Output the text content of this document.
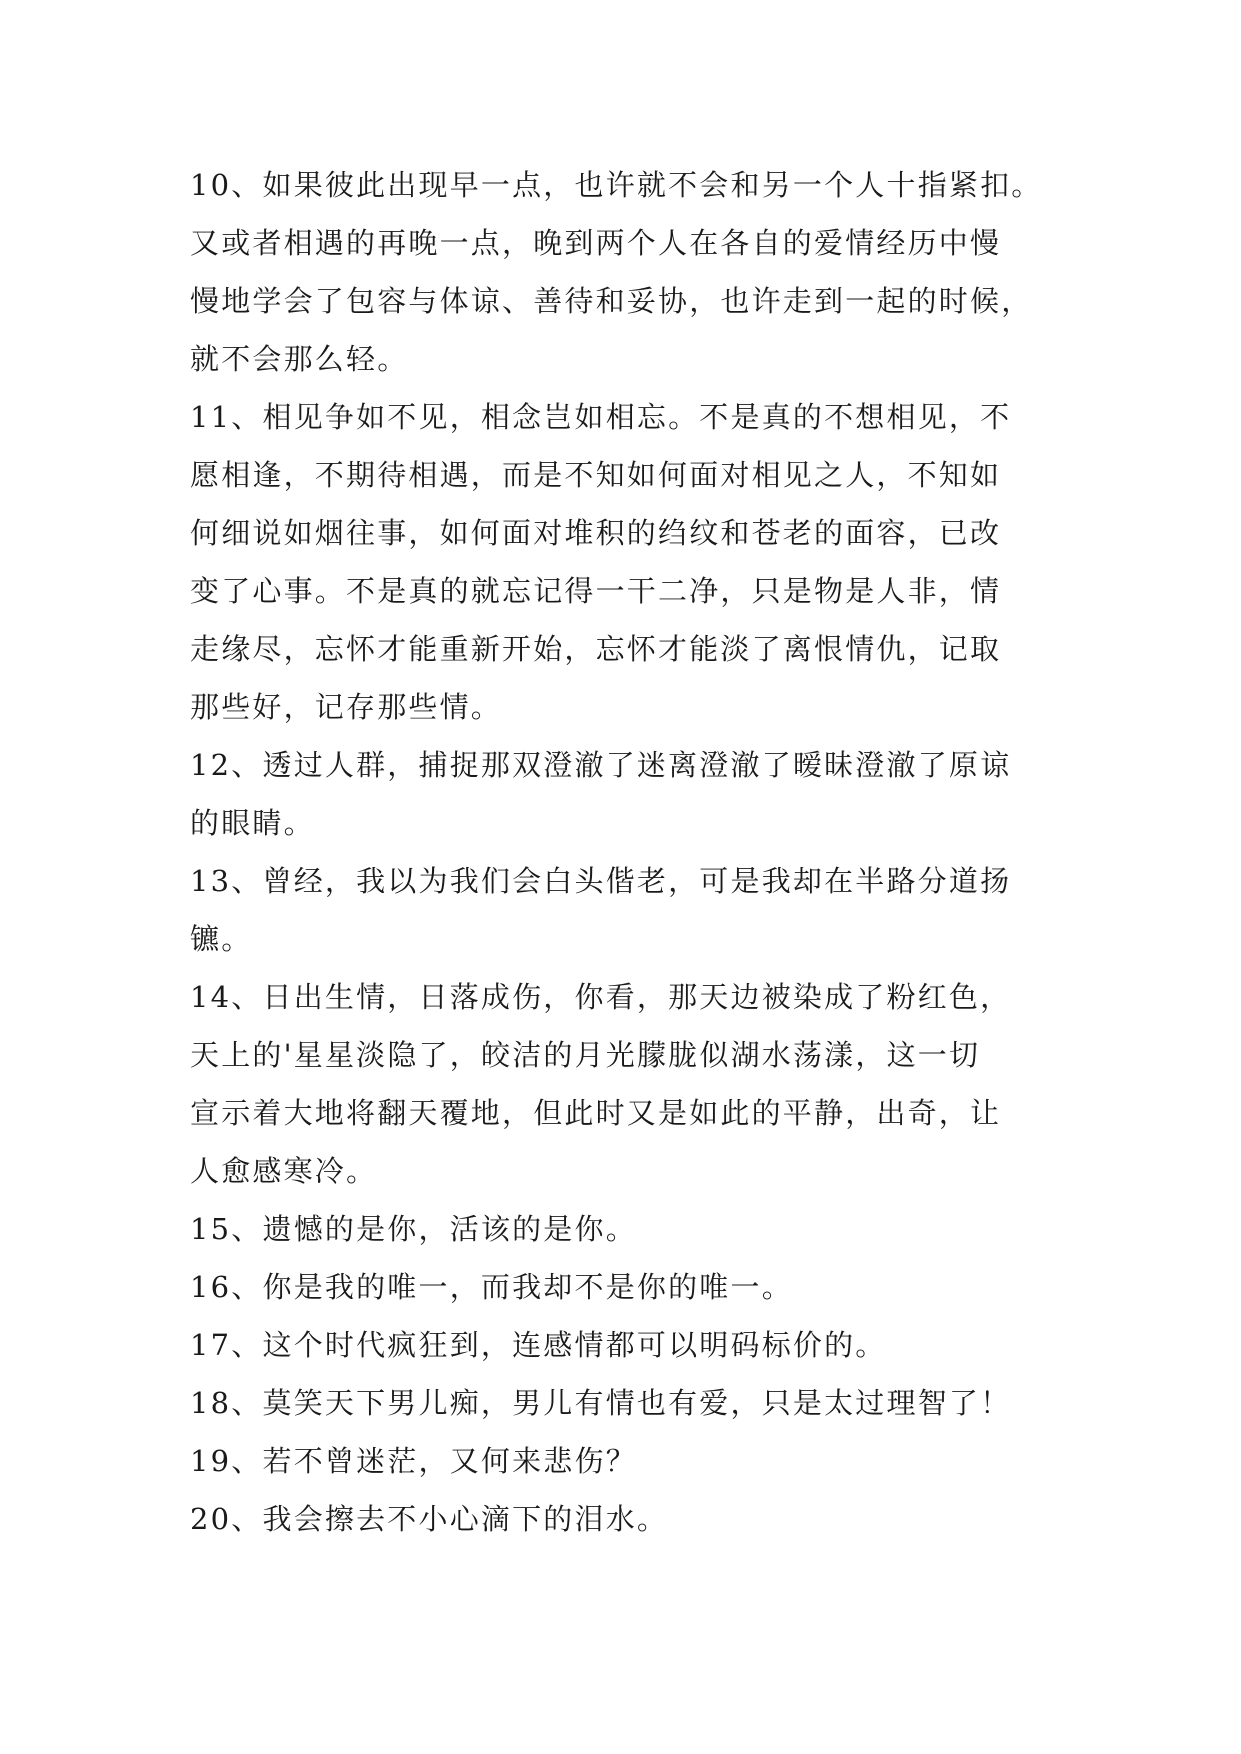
10、如果彼此出现早一点，也许就不会和另一个人十指紧扣。
又或者相遇的再晚一点，晚到两个人在各自的爱情经历中慢
慢地学会了包容与体谅、善待和妥协，也许走到一起的时候，
就不会那么轻。
11、相见争如不见，相念岂如相忘。不是真的不想相见，不
愿相逢，不期待相遇，而是不知如何面对相见之人，不知如
何细说如烟往事，如何面对堆积的绉纹和苍老的面容，已改
变了心事。不是真的就忘记得一干二净，只是物是人非，情
走缘尽，忘怀才能重新开始，忘怀才能淡了离恨情仇，记取
那些好，记存那些情。
12、透过人群，捕捉那双澄澈了迷离澄澈了暧昧澄澈了原谅
的眼睛。
13、曾经，我以为我们会白头偕老，可是我却在半路分道扬
镳。
14、日出生情，日落成伤，你看，那天边被染成了粉红色，
天上的'星星淡隐了，皎洁的月光朦胧似湖水荡漾，这一切
宣示着大地将翻天覆地，但此时又是如此的平静，出奇，让
人愈感寒冷。
15、遗憾的是你，活该的是你。
16、你是我的唯一，而我却不是你的唯一。
17、这个时代疯狂到，连感情都可以明码标价的。
18、莫笑天下男儿痴，男儿有情也有爱，只是太过理智了！
19、若不曾迷茫，又何来悲伤？
20、我会擦去不小心滴下的泪水。
